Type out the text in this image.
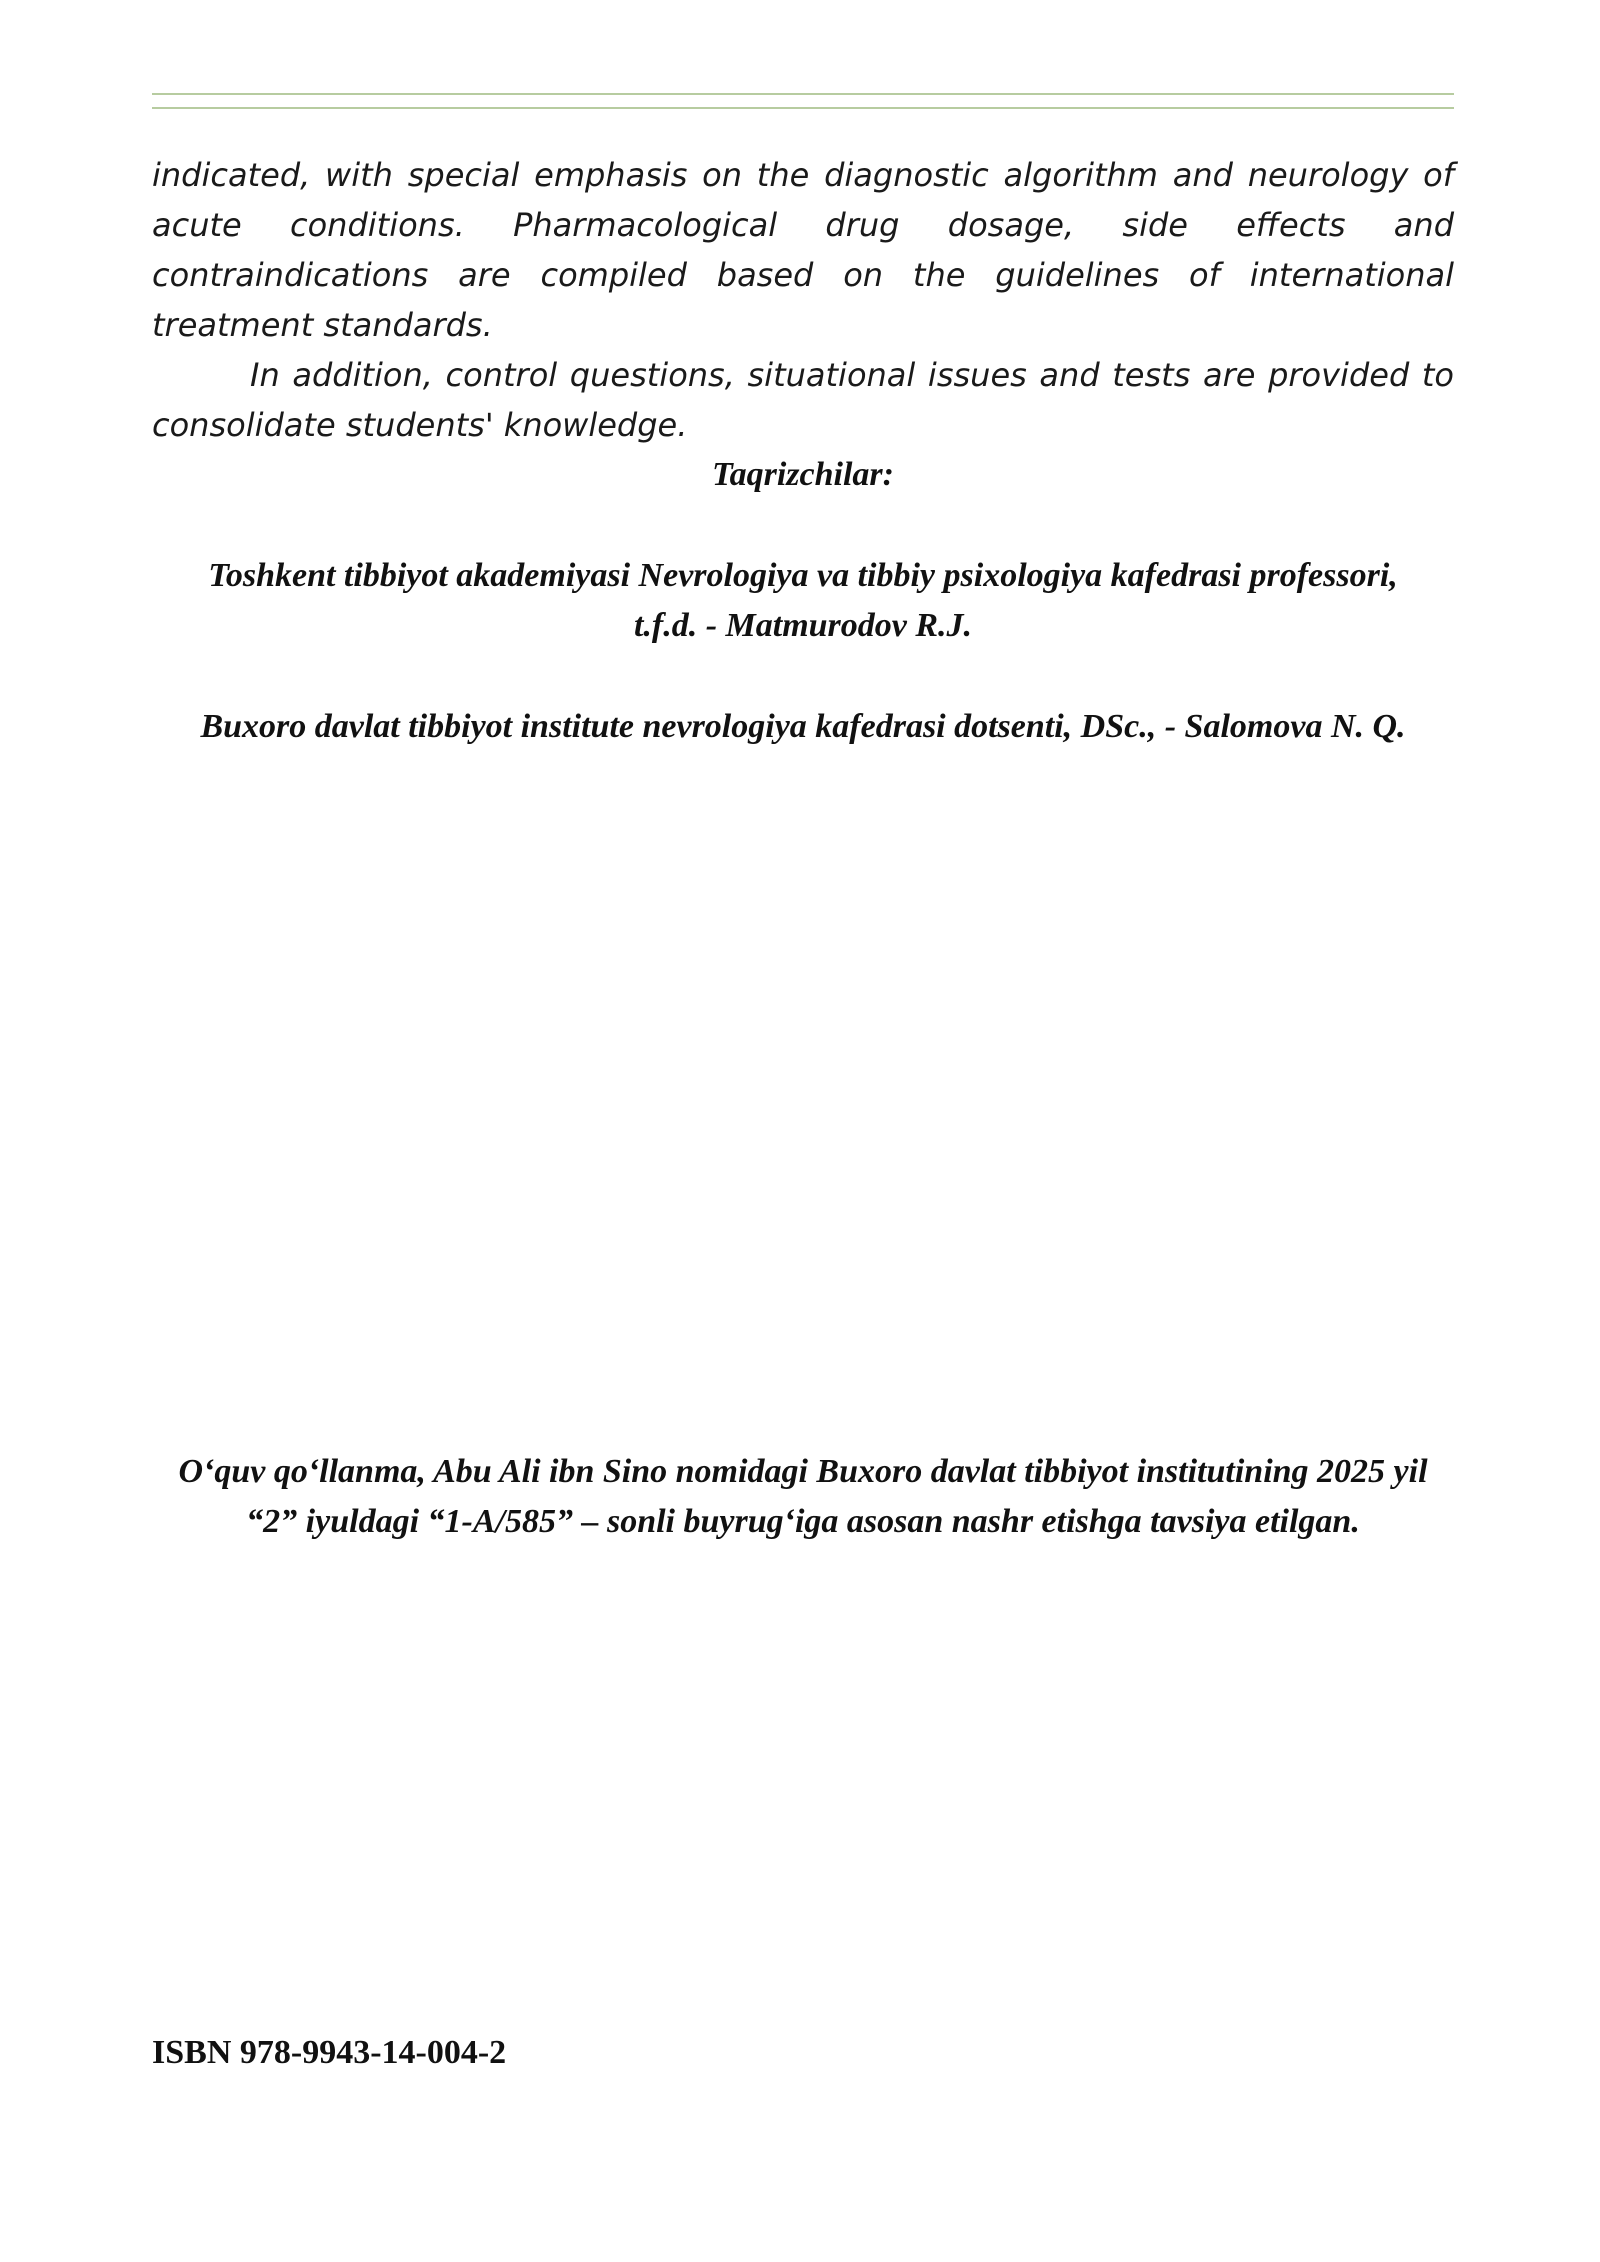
indicated, with special emphasis on the diagnostic algorithm and neurology of acute conditions. Pharmacological drug dosage, side effects and contraindications are compiled based on the guidelines of international treatment standards.

In addition, control questions, situational issues and tests are provided to consolidate students' knowledge.

Taqrizchilar:

Toshkent tibbiyot akademiyasi Nevrologiya va tibbiy psixologiya kafedrasi professori, t.f.d. - Matmurodov R.J.

Buxoro davlat tibbiyot institute nevrologiya kafedrasi dotsenti, DSc., - Salomova N. Q.

O‘quv qo‘llanma, Abu Ali ibn Sino nomidagi Buxoro davlat tibbiyot institutining 2025 yil “2” iyuldagi “1-A/585” – sonli buyrug‘iga asosan nashr etishga tavsiya etilgan.

ISBN 978-9943-14-004-2
